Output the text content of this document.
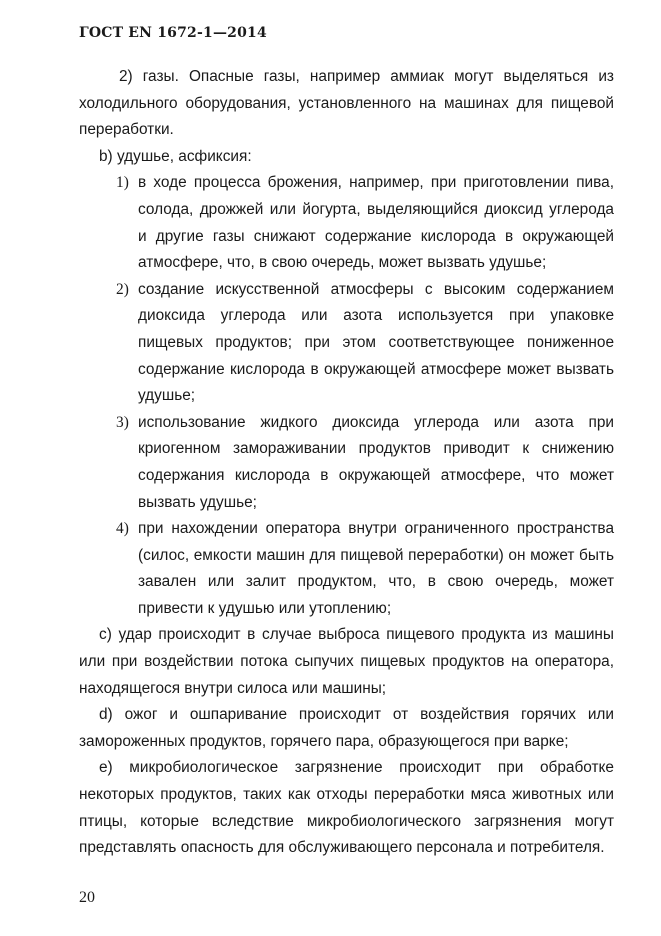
ГОСТ EN 1672-1—2014

2) газы. Опасные газы, например аммиак могут выделяться из холодильного оборудования, установленного на машинах для пищевой переработки.

b) удушье, асфиксия:

1) в ходе процесса брожения, например, при приготовлении пива, солода, дрожжей или йогурта, выделяющийся диоксид углерода и другие газы снижают содержание кислорода в окружающей атмосфере, что, в свою очередь, может вызвать удушье;
2) создание искусственной атмосферы с высоким содержанием диоксида углерода или азота используется при упаковке пищевых продуктов; при этом соответствующее пониженное содержание кислорода в окружающей атмосфере может вызвать удушье;
3) использование жидкого диоксида углерода или азота при криогенном замораживании продуктов приводит к снижению содержания кислорода в окружающей атмосфере, что может вызвать удушье;
4) при нахождении оператора внутри ограниченного пространства (силос, емкости машин для пищевой переработки) он может быть завален или залит продуктом, что, в свою очередь, может привести к удушью или утоплению;

c) удар происходит в случае выброса пищевого продукта из машины или при воздействии потока сыпучих пищевых продуктов на оператора, находящегося внутри силоса или машины;

d) ожог и ошпаривание происходит от воздействия горячих или замороженных продуктов, горячего пара, образующегося при варке;

e) микробиологическое загрязнение происходит при обработке некоторых продуктов, таких как отходы переработки мяса животных или птицы, которые вследствие микробиологического загрязнения могут представлять опасность для обслуживающего персонала и потребителя.

20
